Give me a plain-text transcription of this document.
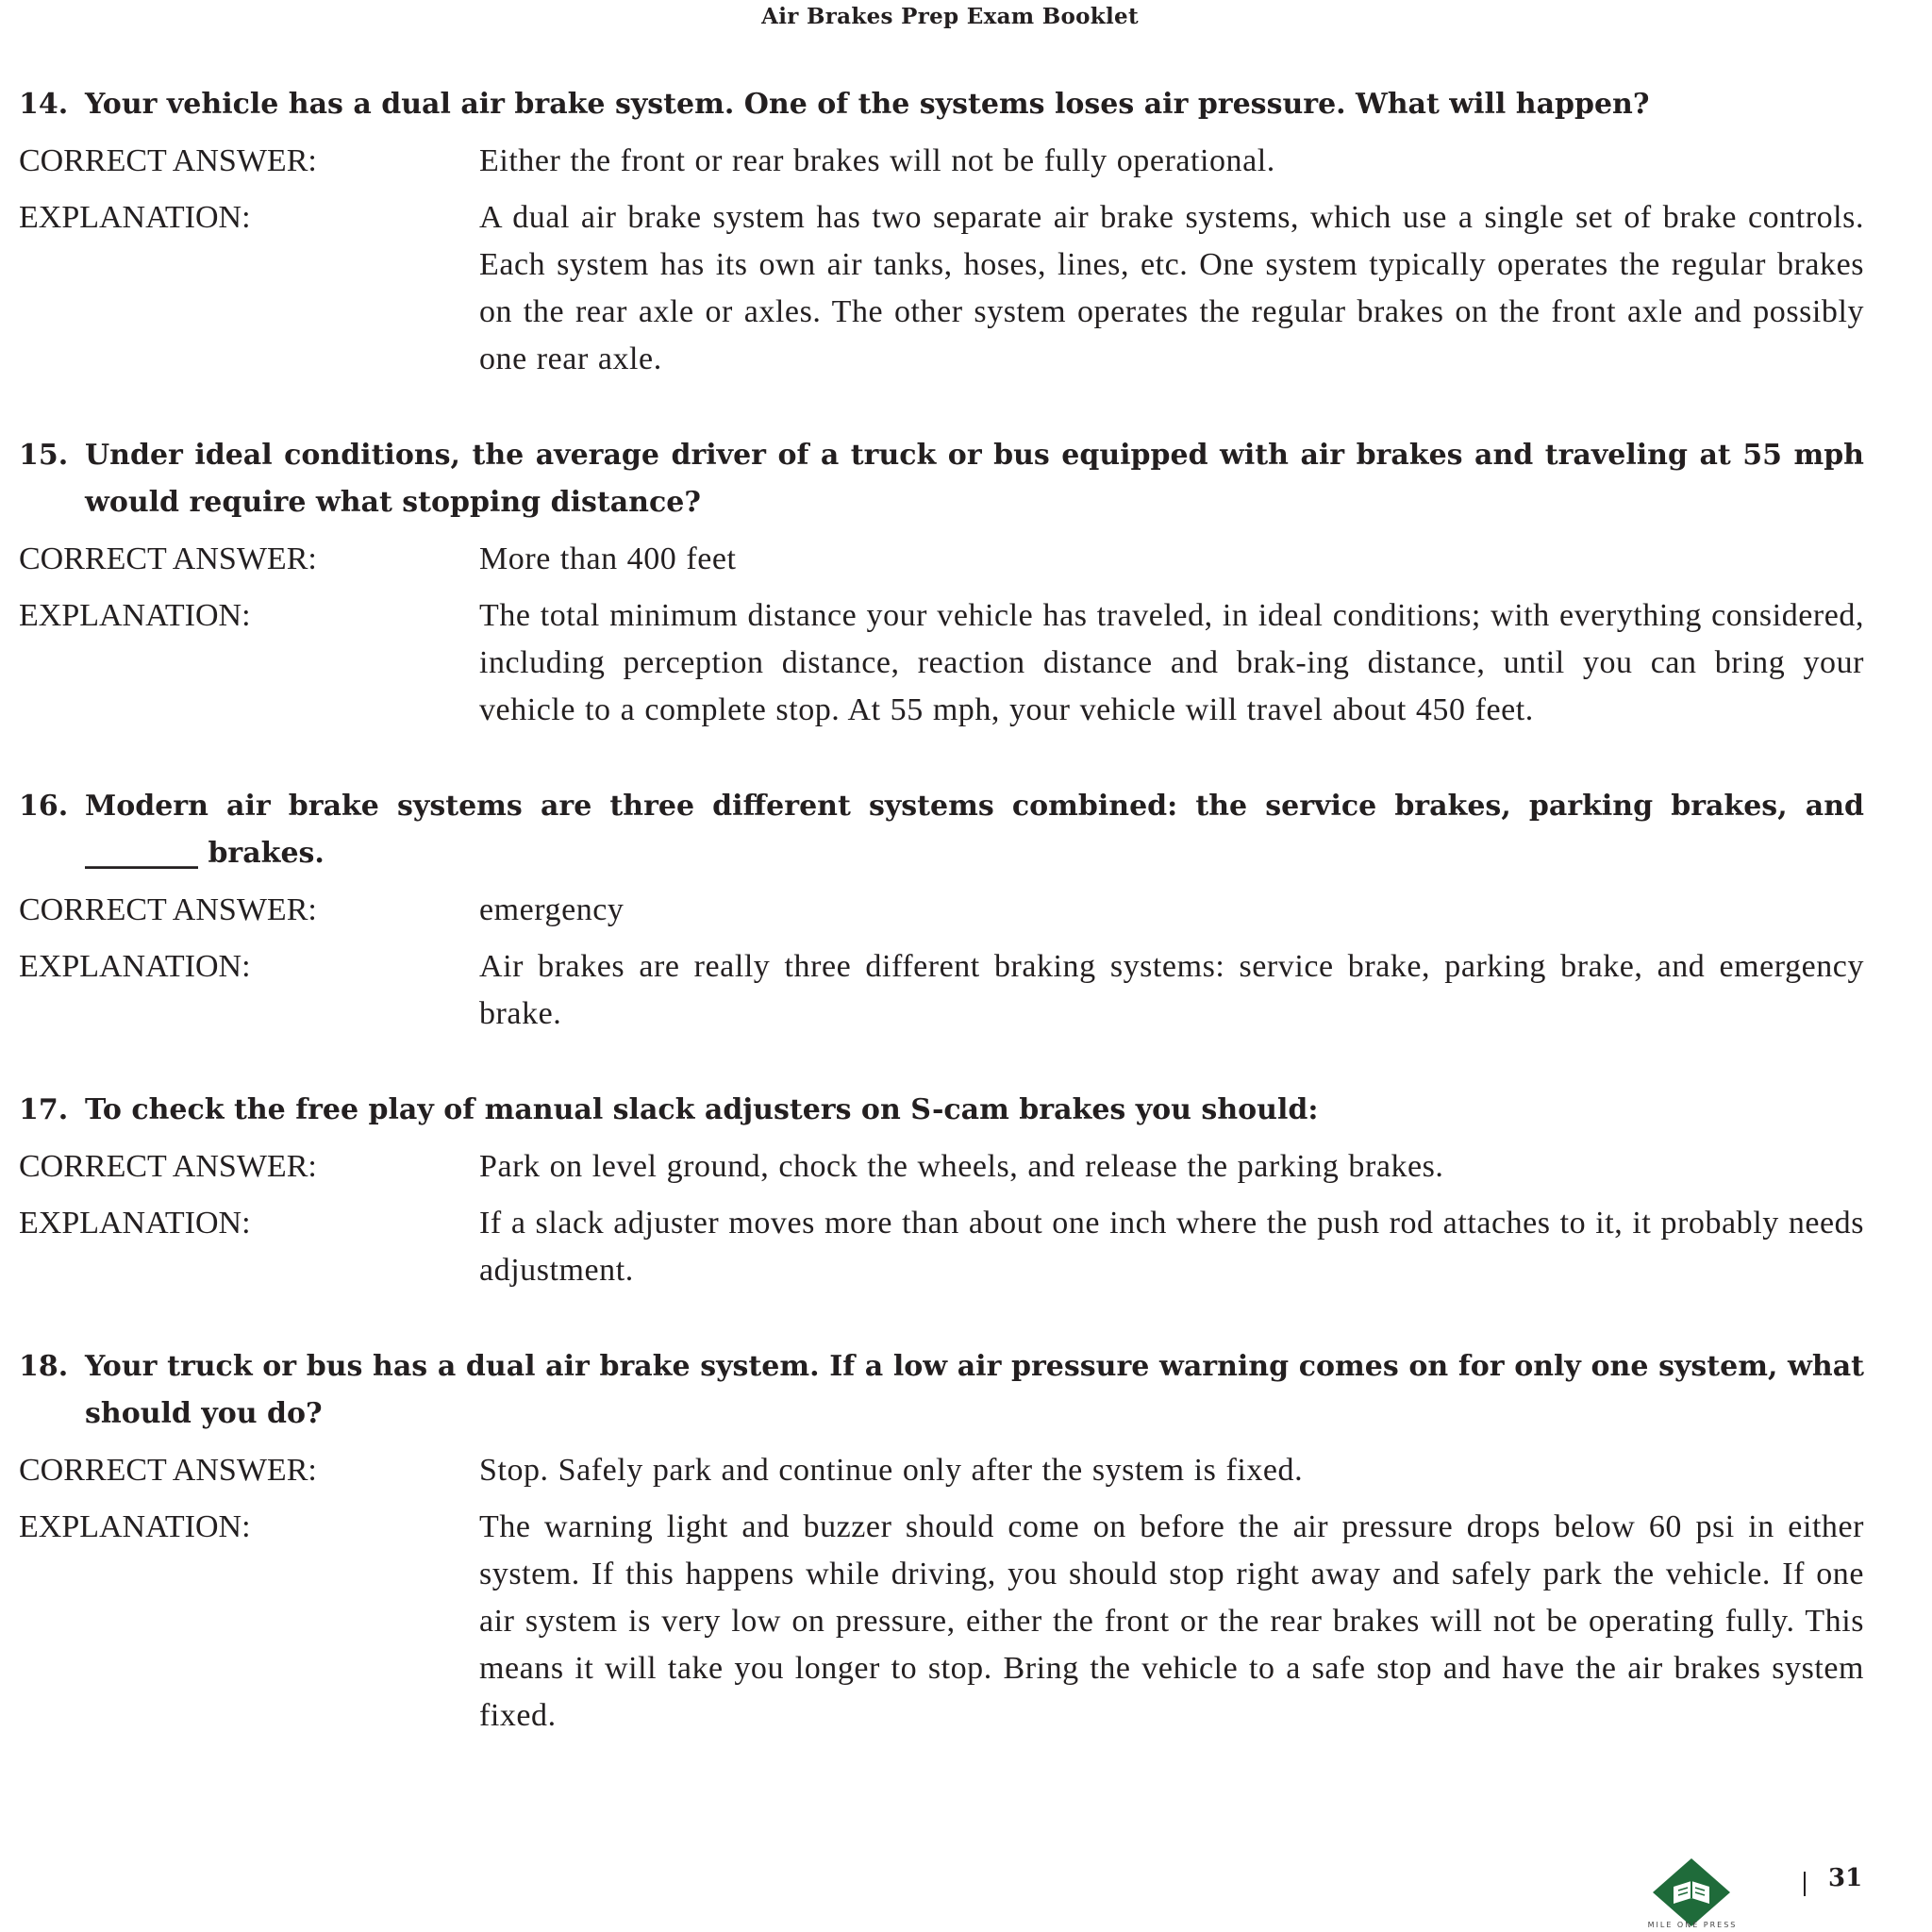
Air Brakes Prep Exam Booklet

14. Your vehicle has a dual air brake system. One of the systems loses air pressure. What will happen?

CORRECT ANSWER:	Either the front or rear brakes will not be fully operational.
EXPLANATION:	A dual air brake system has two separate air brake systems, which use a single set of brake controls. Each system has its own air tanks, hoses, lines, etc. One system typically operates the regular brakes on the rear axle or axles. The other system operates the regular brakes on the front axle and possibly one rear axle.

15. Under ideal conditions, the average driver of a truck or bus equipped with air brakes and traveling at 55 mph would require what stopping distance?

CORRECT ANSWER:	More than 400 feet
EXPLANATION:	The total minimum distance your vehicle has traveled, in ideal conditions; with everything considered, including perception distance, reaction distance and brak-ing distance, until you can bring your vehicle to a complete stop. At 55 mph, your vehicle will travel about 450 feet.

16. Modern air brake systems are three different systems combined: the service brakes, parking brakes, and ________ brakes.

CORRECT ANSWER:	emergency
EXPLANATION:	Air brakes are really three different braking systems: service brake, parking brake, and emergency brake.

17. To check the free play of manual slack adjusters on S-cam brakes you should:

CORRECT ANSWER:	Park on level ground, chock the wheels, and release the parking brakes.
EXPLANATION:	If a slack adjuster moves more than about one inch where the push rod attaches to it, it probably needs adjustment.

18. Your truck or bus has a dual air brake system. If a low air pressure warning comes on for only one system, what should you do?

CORRECT ANSWER:	Stop. Safely park and continue only after the system is fixed.
EXPLANATION:	The warning light and buzzer should come on before the air pressure drops below 60 psi in either system. If this happens while driving, you should stop right away and safely park the vehicle. If one air system is very low on pressure, either the front or the rear brakes will not be operating fully. This means it will take you longer to stop. Bring the vehicle to a safe stop and have the air brakes system fixed.
MILE ONE PRESS
31
